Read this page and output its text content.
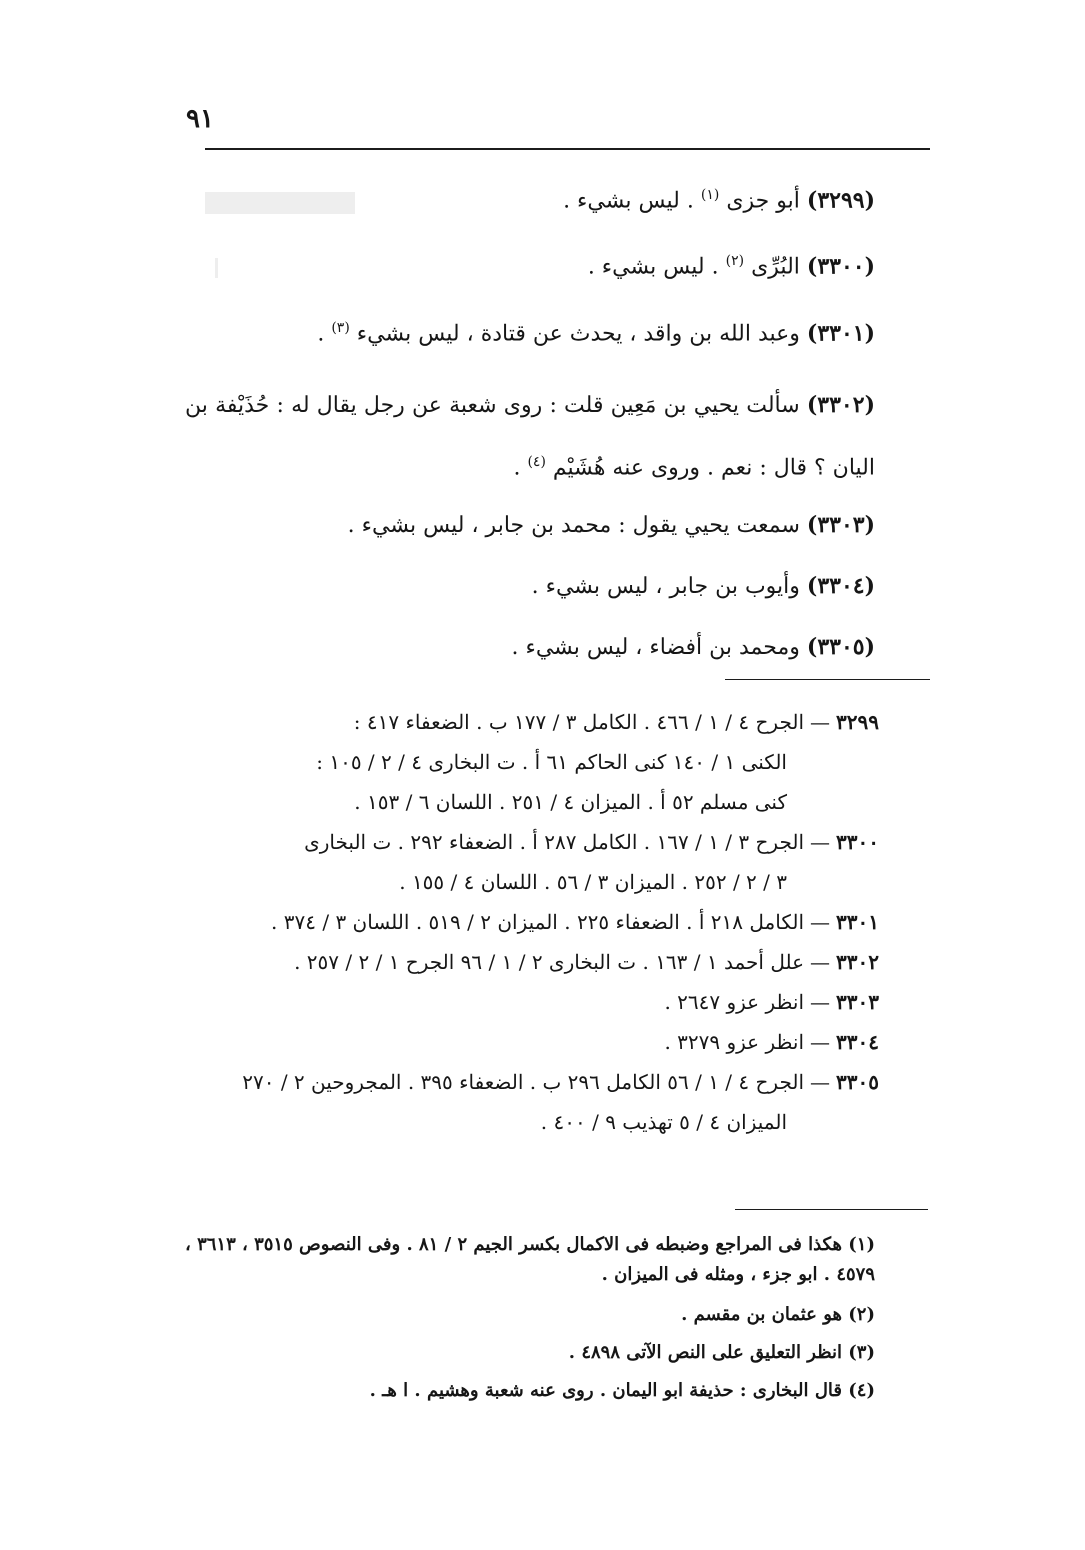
٩١
(٣٢٩٩) أبو جزى $^{(١)}$ . ليس بشيء .
(٣٣٠٠) البُرِّى $^{(٢)}$ . ليس بشيء .
(٣٣٠١) وعبد الله بن واقد ، يحدث عن قتادة ، ليس بشيء $^{(٣)}$ .
(٣٣٠٢) سألت يحيي بن مَعِين قلت : روى شعبة عن رجل يقال له : حُذَيْفة بن اليان ؟ قال : نعم . وروى عنه هُشَيْم $^{(٤)}$ .
(٣٣٠٣) سمعت يحيي يقول : محمد بن جابر ، ليس بشيء .
(٣٣٠٤) وأيوب بن جابر ، ليس بشيء .
(٣٣٠٥) ومحمد بن أفضاء ، ليس بشيء .
٣٢٩٩—الجرح ٤ / ١ / ٤٦٦ . الكامل ٣ / ١٧٧ ب . الضعفاء ٤١٧ :
الكنى ١ / ١٤٠ كنى الحاكم ٦١ أ . ت البخارى ٤ / ٢ / ١٠٥ :
كنى مسلم ٥٢ أ . الميزان ٤ / ٢٥١ . اللسان ٦ / ١٥٣ .
٣٣٠٠—الجرح ٣ / ١ / ١٦٧ . الكامل ٢٨٧ أ . الضعفاء ٢٩٢ . ت البخارى
٣ / ٢ / ٢٥٢ . الميزان ٣ / ٥٦ . اللسان ٤ / ١٥٥ .
٣٣٠١—الكامل ٢١٨ أ . الضعفاء ٢٢٥ . الميزان ٢ / ٥١٩ . اللسان ٣ / ٣٧٤ .
٣٣٠٢—علل أحمد ١ / ١٦٣ . ت البخارى ٢ / ١ / ٩٦ الجرح ١ / ٢ / ٢٥٧ .
٣٣٠٣—انظر عزو ٢٦٤٧ .
٣٣٠٤—انظر عزو ٣٢٧٩ .
٣٣٠٥—الجرح ٤ / ١ / ٥٦ الكامل ٢٩٦ ب . الضعفاء ٣٩٥ . المجروحين ٢ / ٢٧٠
الميزان ٤ / ٥ تهذيب ٩ / ٤٠٠ .
(١) هكذا فى المراجع وضبطه فى الاكمال بكسر الجيم ٢ / ٨١ . وفى النصوص ٣٥١٥ ، ٣٦١٣ ، ٤٥٧٩ . ابو جزء ، ومثله فى الميزان .
(٢) هو عثمان بن مقسم .
(٣) انظر التعليق على النص الآتى ٤٨٩٨ .
(٤) قال البخارى : حذيفة ابو اليمان . روى عنه شعبة وهشيم . ا هـ .
